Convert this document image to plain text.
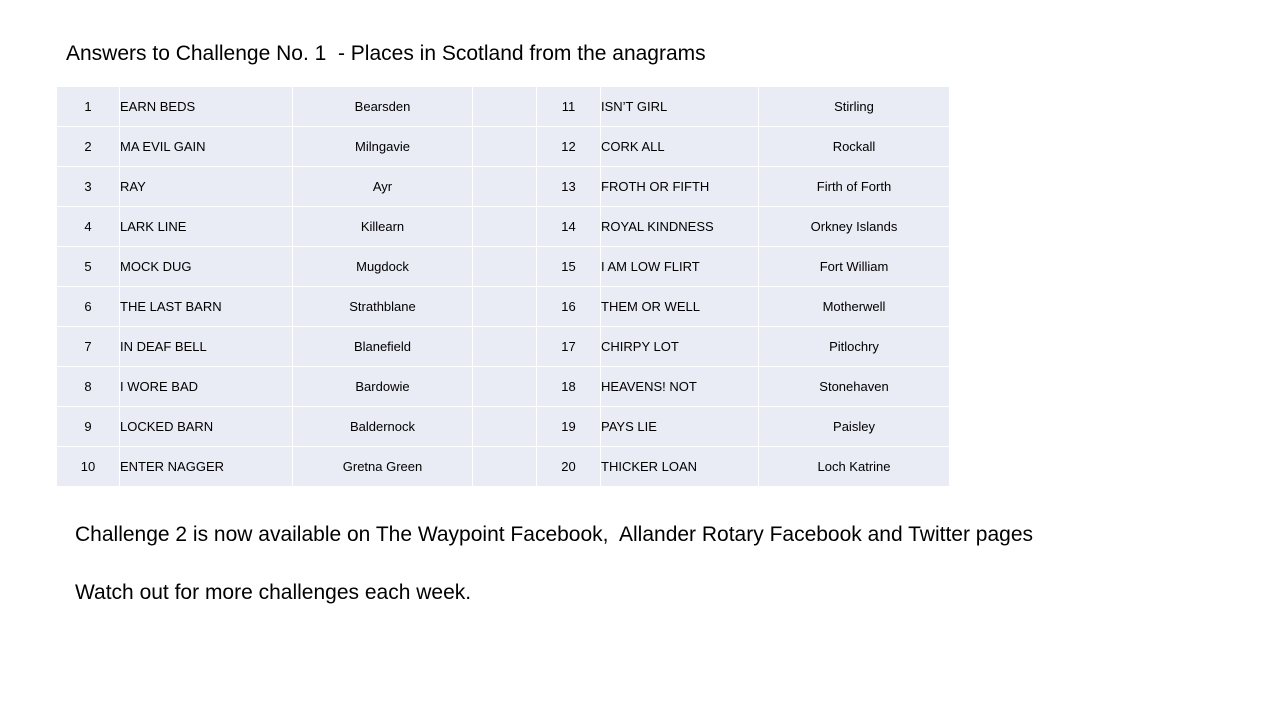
Answers to Challenge No. 1  - Places in Scotland from the anagrams
1	EARN BEDS	Bearsden		11	ISN’T GIRL	Stirling
2	MA EVIL GAIN	Milngavie		12	CORK ALL	Rockall
3	RAY	Ayr		13	FROTH OR FIFTH	Firth of Forth
4	LARK LINE	Killearn		14	ROYAL KINDNESS	Orkney Islands
5	MOCK DUG	Mugdock		15	I AM LOW FLIRT	Fort William
6	THE LAST BARN	Strathblane		16	THEM OR WELL	Motherwell
7	IN DEAF BELL	Blanefield		17	CHIRPY LOT	Pitlochry
8	I WORE BAD	Bardowie		18	HEAVENS! NOT	Stonehaven
9	LOCKED BARN	Baldernock		19	PAYS LIE	Paisley
10	ENTER NAGGER	Gretna Green		20	THICKER LOAN	Loch Katrine
Challenge 2 is now available on The Waypoint Facebook,  Allander Rotary Facebook and Twitter pages
Watch out for more challenges each week.
